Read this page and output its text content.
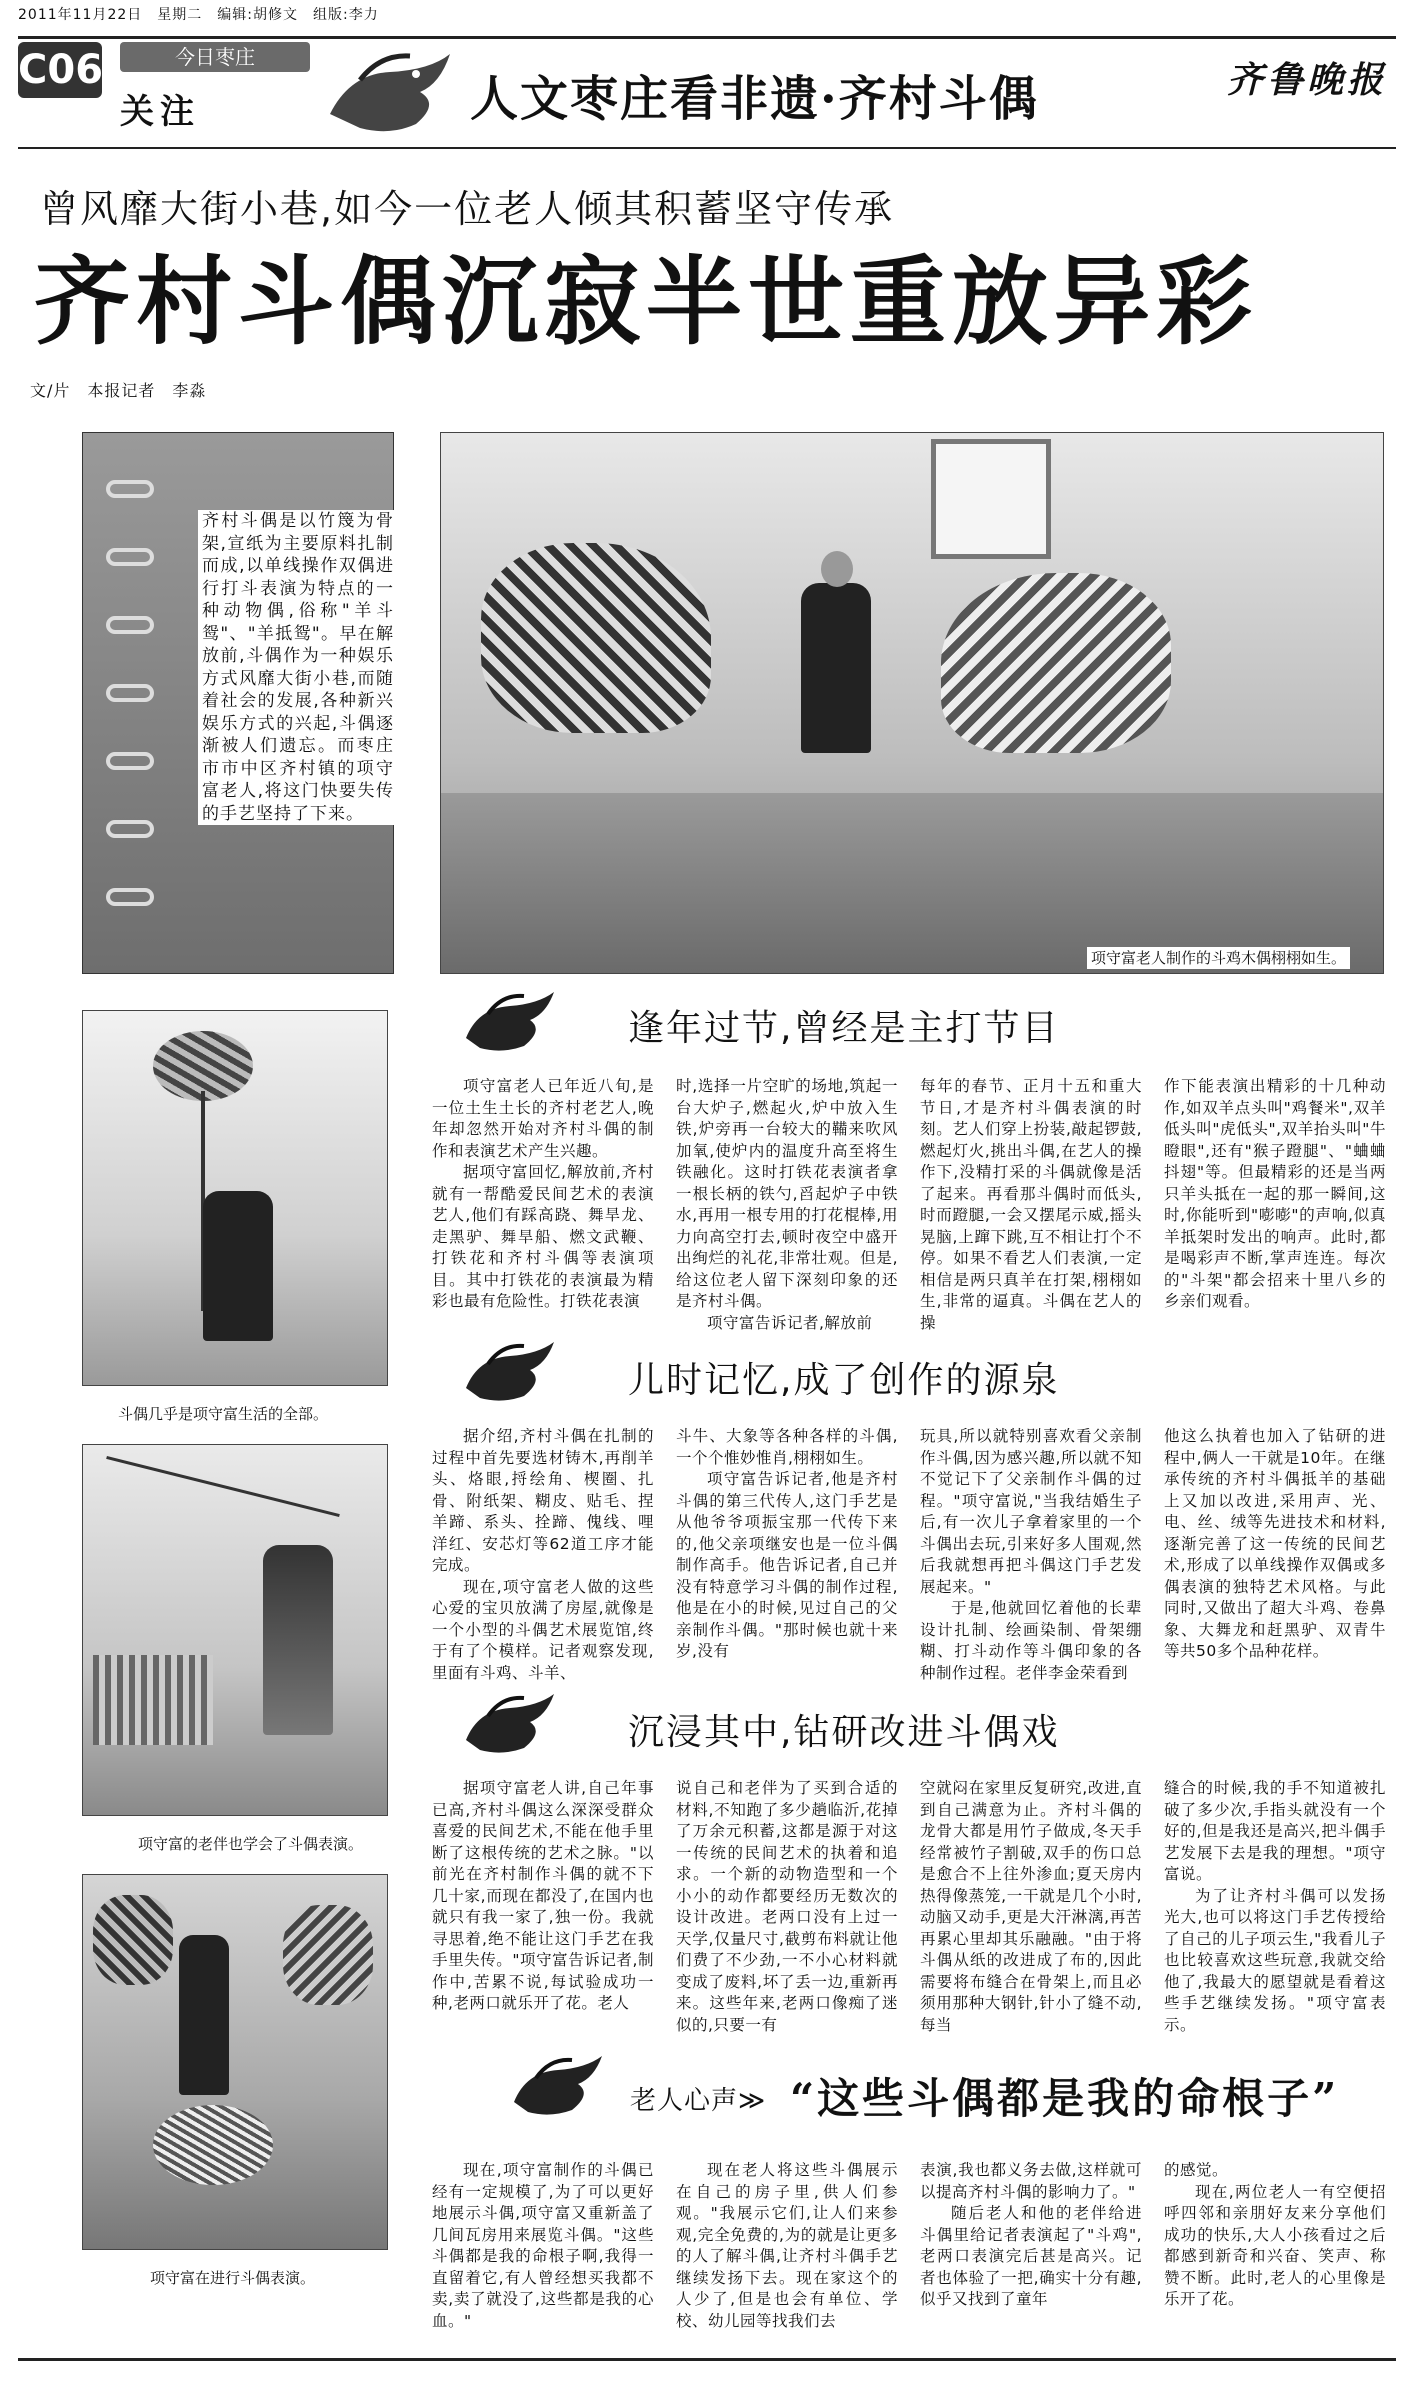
2011年11月22日　星期二　编辑:胡修文　组版:李力
C06	今日枣庄
关注	人文枣庄看非遗·齐村斗偶	齐鲁晚报
曾风靡大街小巷,如今一位老人倾其积蓄坚守传承
齐村斗偶沉寂半世重放异彩
文/片　本报记者　李淼
齐村斗偶是以竹篾为骨架,宣纸为主要原料扎制而成,以单线操作双偶进行打斗表演为特点的一种动物偶,俗称"羊斗鸳"、"羊抵鸳"。早在解放前,斗偶作为一种娱乐方式风靡大街小巷,而随着社会的发展,各种新兴娱乐方式的兴起,斗偶逐渐被人们遗忘。而枣庄市市中区齐村镇的项守富老人,将这门快要失传的手艺坚持了下来。
项守富老人制作的斗鸡木偶栩栩如生。
斗偶几乎是项守富生活的全部。
项守富的老伴也学会了斗偶表演。
项守富在进行斗偶表演。
逢年过节,曾经是主打节目

项守富老人已年近八旬,是一位土生土长的齐村老艺人,晚年却忽然开始对齐村斗偶的制作和表演艺术产生兴趣。

据项守富回忆,解放前,齐村就有一帮酷爱民间艺术的表演艺人,他们有踩高跷、舞旱龙、走黑驴、舞旱船、燃文武鞭、打铁花和齐村斗偶等表演项目。其中打铁花的表演最为精彩也最有危险性。打铁花表演

时,选择一片空旷的场地,筑起一台大炉子,燃起火,炉中放入生铁,炉旁再一台较大的鞴来吹风加氧,使炉内的温度升高至将生铁融化。这时打铁花表演者拿一根长柄的铁勺,舀起炉子中铁水,再用一根专用的打花棍棒,用力向高空打去,顿时夜空中盛开出绚烂的礼花,非常壮观。但是,给这位老人留下深刻印象的还是齐村斗偶。

项守富告诉记者,解放前

每年的春节、正月十五和重大节日,才是齐村斗偶表演的时刻。艺人们穿上扮装,敲起锣鼓,燃起灯火,挑出斗偶,在艺人的操作下,没精打采的斗偶就像是活了起来。再看那斗偶时而低头,时而蹬腿,一会又摆尾示威,摇头晃脑,上蹿下跳,互不相让打个不停。如果不看艺人们表演,一定相信是两只真羊在打架,栩栩如生,非常的逼真。斗偶在艺人的操

作下能表演出精彩的十几种动作,如双羊点头叫"鸡餐米",双羊低头叫"虎低头",双羊抬头叫"牛瞪眼",还有"猴子蹬腿"、"蛐蛐抖翅"等。但最精彩的还是当两只羊头抵在一起的那一瞬间,这时,你能听到"嘭嘭"的声响,似真羊抵架时发出的响声。此时,都是喝彩声不断,掌声连连。每次的"斗架"都会招来十里八乡的乡亲们观看。

儿时记忆,成了创作的源泉

据介绍,齐村斗偶在扎制的过程中首先要选材铸木,再削羊头、烙眼,捋绘角、楔圈、扎骨、附纸架、糊皮、贴毛、捏羊蹄、系头、拴蹄、傀线、哩洋红、安芯灯等62道工序才能完成。

现在,项守富老人做的这些心爱的宝贝放满了房屋,就像是一个小型的斗偶艺术展览馆,终于有了个模样。记者观察发现,里面有斗鸡、斗羊、

斗牛、大象等各种各样的斗偶,一个个惟妙惟肖,栩栩如生。

项守富告诉记者,他是齐村斗偶的第三代传人,这门手艺是从他爷爷项振宝那一代传下来的,他父亲项继安也是一位斗偶制作高手。他告诉记者,自己并没有特意学习斗偶的制作过程,他是在小的时候,见过自己的父亲制作斗偶。"那时候也就十来岁,没有

玩具,所以就特别喜欢看父亲制作斗偶,因为感兴趣,所以就不知不觉记下了父亲制作斗偶的过程。"项守富说,"当我结婚生子后,有一次儿子拿着家里的一个斗偶出去玩,引来好多人围观,然后我就想再把斗偶这门手艺发展起来。"

于是,他就回忆着他的长辈设计扎制、绘画染制、骨架绷糊、打斗动作等斗偶印象的各种制作过程。老伴李金荣看到

他这么执着也加入了钻研的进程中,俩人一干就是10年。在继承传统的齐村斗偶抵羊的基础上又加以改进,采用声、光、电、丝、绒等先进技术和材料,逐渐完善了这一传统的民间艺术,形成了以单线操作双偶或多偶表演的独特艺术风格。与此同时,又做出了超大斗鸡、卷鼻象、大舞龙和赶黑驴、双青牛等共50多个品种花样。

沉浸其中,钻研改进斗偶戏

据项守富老人讲,自己年事已高,齐村斗偶这么深深受群众喜爱的民间艺术,不能在他手里断了这根传统的艺术之脉。"以前光在齐村制作斗偶的就不下几十家,而现在都没了,在国内也就只有我一家了,独一份。我就寻思着,绝不能让这门手艺在我手里失传。"项守富告诉记者,制作中,苦累不说,每试验成功一种,老两口就乐开了花。老人

说自己和老伴为了买到合适的材料,不知跑了多少趟临沂,花掉了万余元积蓄,这都是源于对这一传统的民间艺术的执着和追求。一个新的动物造型和一个小小的动作都要经历无数次的设计改进。老两口没有上过一天学,仅量尺寸,截剪布料就让他们费了不少劲,一不小心材料就变成了废料,坏了丢一边,重新再来。这些年来,老两口像痴了迷似的,只要一有

空就闷在家里反复研究,改进,直到自己满意为止。齐村斗偶的龙骨大都是用竹子做成,冬天手经常被竹子割破,双手的伤口总是愈合不上往外渗血;夏天房内热得像蒸笼,一干就是几个小时,动脑又动手,更是大汗淋漓,再苦再累心里却其乐融融。"由于将斗偶从纸的改进成了布的,因此需要将布缝合在骨架上,而且必须用那种大钢针,针小了缝不动,每当

缝合的时候,我的手不知道被扎破了多少次,手指头就没有一个好的,但是我还是高兴,把斗偶手艺发展下去是我的理想。"项守富说。

为了让齐村斗偶可以发扬光大,也可以将这门手艺传授给了自己的儿子项云生,"我看儿子也比较喜欢这些玩意,我就交给他了,我最大的愿望就是看着这些手艺继续发扬。"项守富表示。

老人心声≫ “这些斗偶都是我的命根子”

现在,项守富制作的斗偶已经有一定规模了,为了可以更好地展示斗偶,项守富又重新盖了几间瓦房用来展览斗偶。"这些斗偶都是我的命根子啊,我得一直留着它,有人曾经想买我都不卖,卖了就没了,这些都是我的心血。"

现在老人将这些斗偶展示在自己的房子里,供人们参观。"我展示它们,让人们来参观,完全免费的,为的就是让更多的人了解斗偶,让齐村斗偶手艺继续发扬下去。现在家这个的人少了,但是也会有单位、学校、幼儿园等找我们去

表演,我也都义务去做,这样就可以提高齐村斗偶的影响力了。"

随后老人和他的老伴给进斗偶里给记者表演起了"斗鸡",老两口表演完后甚是高兴。记者也体验了一把,确实十分有趣,似乎又找到了童年

的感觉。

现在,两位老人一有空便招呼四邻和亲朋好友来分享他们成功的快乐,大人小孩看过之后都感到新奇和兴奋、笑声、称赞不断。此时,老人的心里像是乐开了花。
